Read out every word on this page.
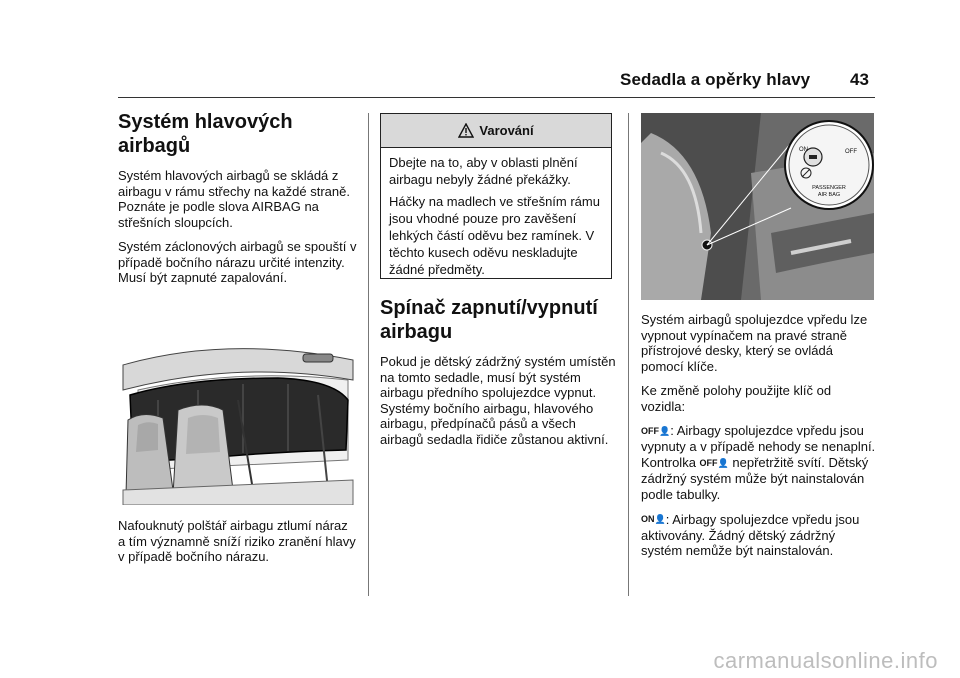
Sedadla a opěrky hlavy 43
Systém hlavových airbagů

Systém hlavových airbagů se skládá z airbagu v rámu střechy na každé straně. Poznáte je podle slova AIRBAG na střešních sloupcích.

Systém záclonových airbagů se spouští v případě bočního nárazu určité intenzity. Musí být zapnuté zapalování.

Nafouknutý polštář airbagu ztlumí náraz a tím významně sníží riziko zranění hlavy v případě bočního nárazu.

Varování

Dbejte na to, aby v oblasti plnění airbagu nebyly žádné překážky.

Háčky na madlech ve střešním rámu jsou vhodné pouze pro zavěšení lehkých částí oděvu bez ramínek. V těchto kusech oděvu neskladujte žádné předměty.

Spínač zapnutí/vypnutí airbagu

Pokud je dětský zádržný systém umístěn na tomto sedadle, musí být systém airbagu předního spolujezdce vypnut. Systémy bočního airbagu, hlavového airbagu, předpínačů pásů a všech airbagů sedadla řidiče zůstanou aktivní.

ON	OFF
PASSENGER
AIR BAG

Systém airbagů spolujezdce vpředu lze vypnout vypínačem na pravé straně přístrojové desky, který se ovládá pomocí klíče.

Ke změně polohy použijte klíč od vozidla:

OFF👤: Airbagy spolujezdce vpředu jsou vypnuty a v případě nehody se nenaplní. Kontrolka OFF👤 nepřetržitě svítí. Dětský zádržný systém může být nainstalován podle tabulky.

ON👤: Airbagy spolujezdce vpředu jsou aktivovány. Žádný dětský zádržný systém nemůže být nainstalován.

carmanualsonline.info
